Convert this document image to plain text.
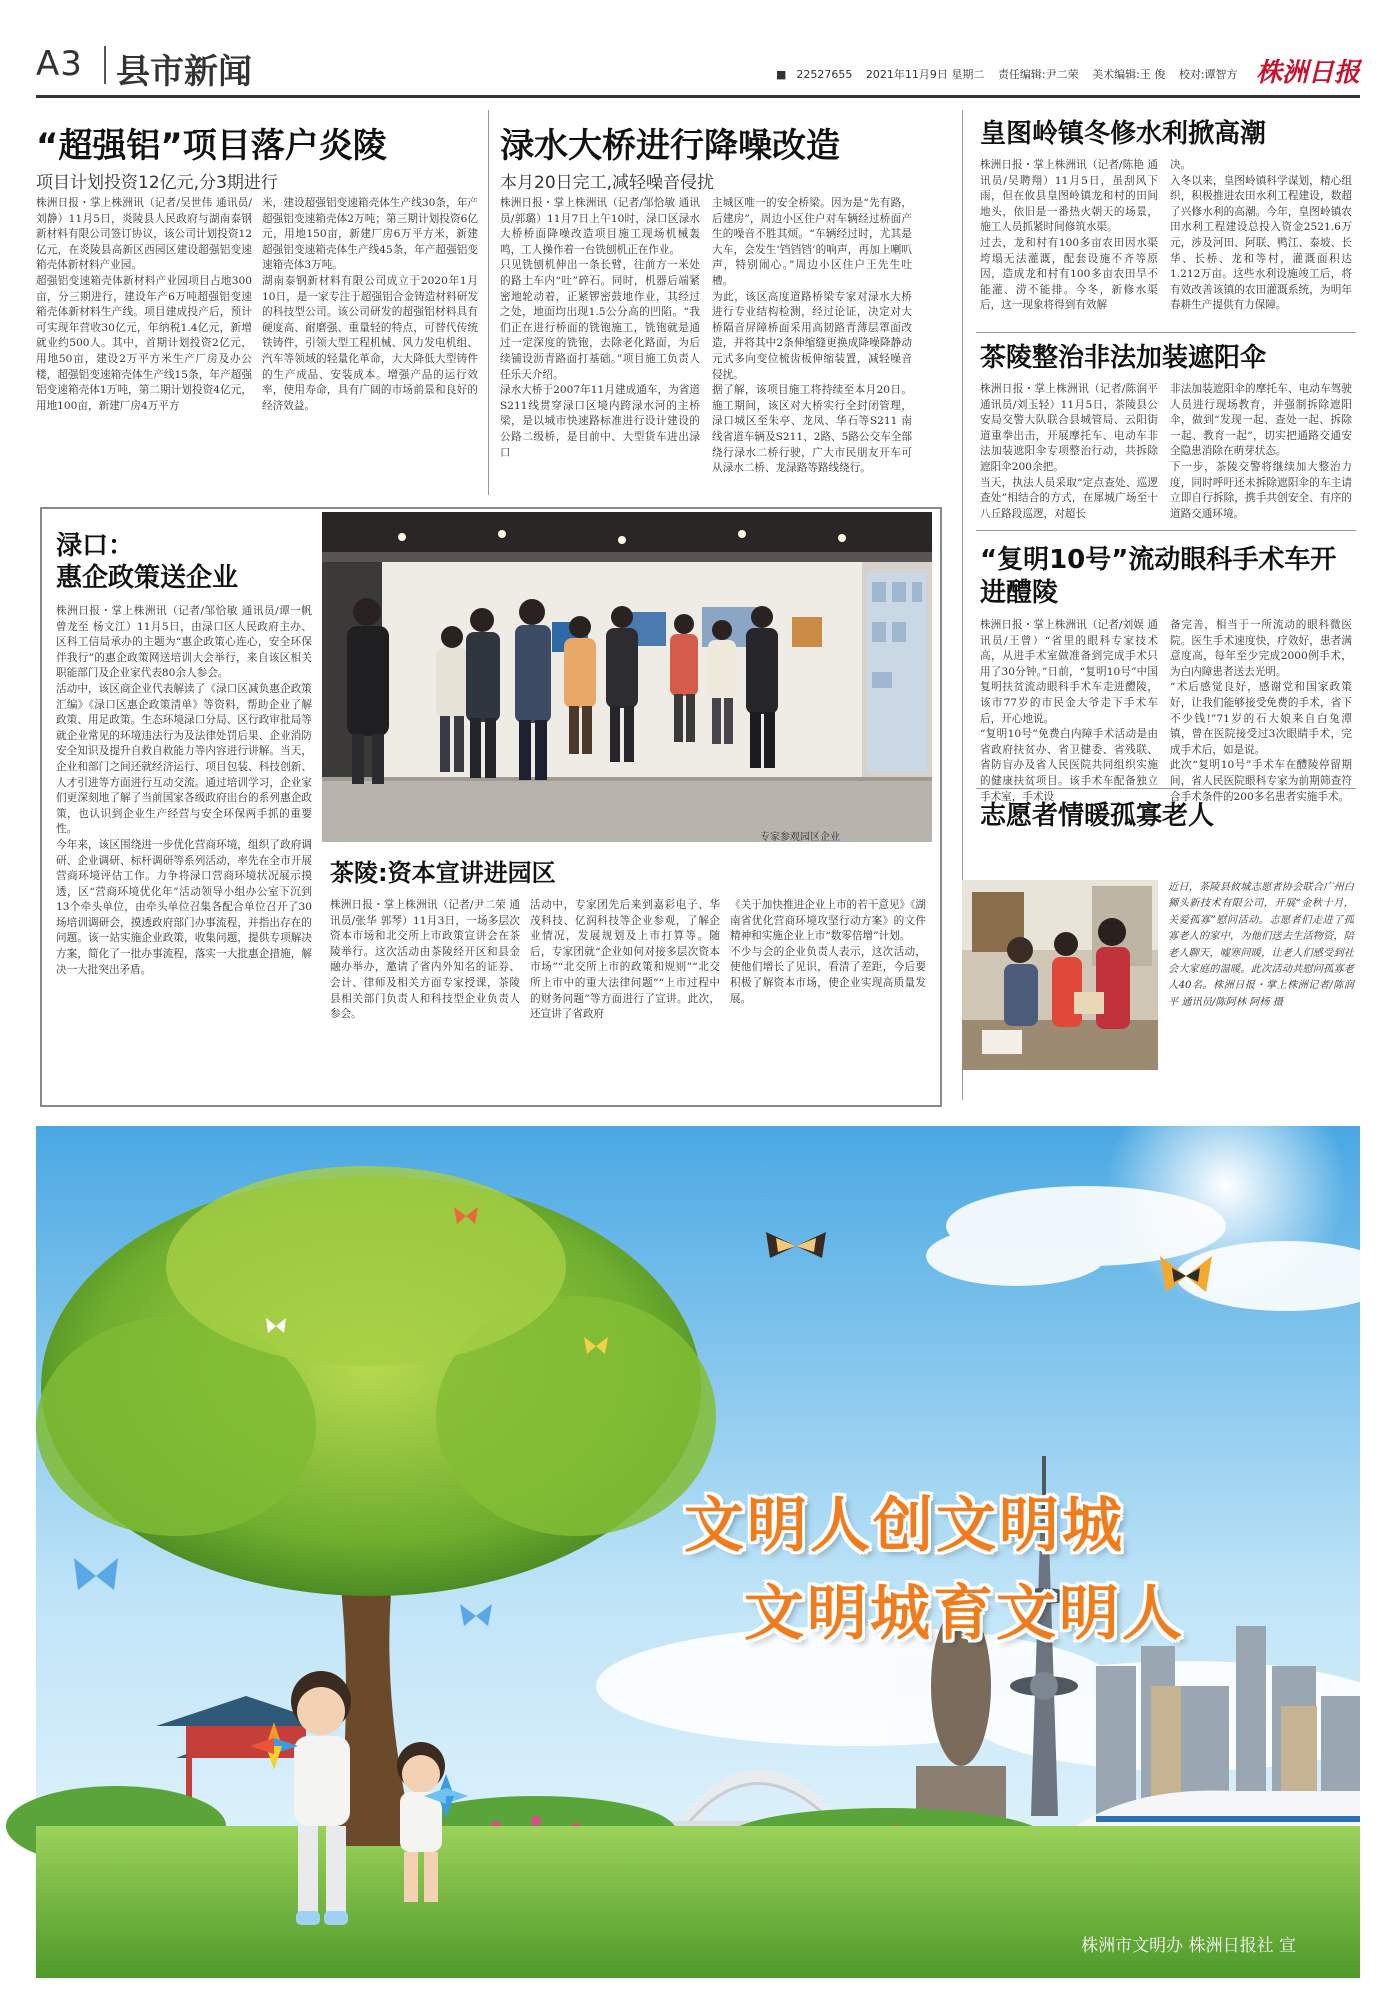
A3 县市新闻	■ 22527655 2021年11月9日 星期二 责任编辑:尹二荣 美术编辑:王 俊 校对:谭智方 株洲日报
“超强铝”项目落户炎陵
项目计划投资12亿元,分3期进行
株洲日报・掌上株洲讯（记者/吴世伟 通讯员/刘静）11月5日，炎陵县人民政府与湖南泰钢新材料有限公司签订协议，该公司计划投资12亿元，在炎陵县高新区西园区建设超强铝变速箱壳体新材料产业园。
超强铝变速箱壳体新材料产业园项目占地300亩，分三期进行，建设年产6万吨超强铝变速箱壳体新材料生产线。项目建成投产后，预计可实现年营收30亿元，年纳税1.4亿元，新增就业约500人。其中，首期计划投资2亿元，用地50亩，建设2万平方米生产厂房及办公楼，超强铝变速箱壳体生产线15条，年产超强铝变速箱壳体1万吨，第二期计划投资4亿元，用地100亩，新建厂房4万平方
米，建设超强铝变速箱壳体生产线30条，年产超强铝变速箱壳体2万吨；第三期计划投资6亿元，用地150亩，新建厂房6万平方米，新建超强铝变速箱壳体生产线45条，年产超强铝变速箱壳体3万吨。
湖南泰钢新材料有限公司成立于2020年1月10日，是一家专注于超强铝合金铸造材料研发的科技型公司。该公司研发的超强铝材料具有硬度高、耐磨强、重量轻的特点，可替代传统铁铸件，引领大型工程机械、风力发电机组、汽车等领域的轻量化革命，大大降低大型铸件的生产成品、安装成本。增强产品的运行效率，使用寿命，具有广阔的市场前景和良好的经济效益。
渌水大桥进行降噪改造
本月20日完工,减轻噪音侵扰
株洲日报・掌上株洲讯（记者/邹恰敏 通讯员/郭璐）11月7日上午10时，渌口区渌水大桥桥面降噪改造项目施工现场机械轰鸣，工人操作着一台铣刨机正在作业。
只见铣刨机伸出一条长臂，往前方一米处的路土车内“吐”碎石。同时，机器后端紧密地轮动着，正紧锣密鼓地作业，其经过之处，地面均出现1.5公分高的凹陷。“我们正在进行桥面的铣铇施工，铣铇就是通过一定深度的铣铇，去除老化路面，为后续铺设沥青路面打基础。”项目施工负责人任乐天介绍。
渌水大桥于2007年11月建成通车，为省道S211线贯穿渌口区境内跨渌水河的主桥梁，是以城市快速路标准进行设计建设的公路二级桥，是目前中、大型货车进出渌口
主城区唯一的安全桥梁。因为是“先有路，后建房”，周边小区住户对车辆经过桥面产生的噪音不胜其烦。“车辆经过时，尤其是大车，会发生‘铛铛铛’的响声，再加上喇叭声，特别闹心。”周边小区住户王先生吐槽。
为此，该区高度道路桥梁专家对渌水大桥进行专业结构检测，经过论证，决定对大桥隔音屏障桥面采用高韧路青薄层罩面改造，并将其中2条伸缩缝更换成降噪降静动元式多向变位梳齿板伸缩装置，减轻噪音侵扰。
据了解，该项目施工将持续至本月20日。施工期间，该区对大桥实行全封闭管理，渌口城区至朱亭、龙凤、华石等S211 南线省道车辆及S211、2路、5路公交车全部绕行渌水二桥行驶，广大市民朋友开车可从渌水二桥、龙渌路等路线绕行。
皇图岭镇冬修水利掀高潮
株洲日报・掌上株洲讯（记者/陈艳 通讯员/吴聘翔）11月5日，虽刮风下雨，但在攸县皇图岭镇龙和村的田间地头，依旧是一番热火朝天的场景，施工人员抓紧时间修筑水渠。
过去，龙和村有100多亩农田因水渠垮塌无法灌溉，配套设施不齐等原因，造成龙和村有100多亩农田旱不能灌、涝不能排。今冬，新修水渠后，这一现象将得到有效解
决。
入冬以来，皇图岭镇科学谋划，精心组织，积极推进农田水利工程建设，数超了兴修水利的高潮。今年，皇图岭镇农田水利工程建设总投入资金2521.6万元，涉及河田、阿联、鸭江、泰坡、长华、长桥、龙和等村，灌溉面积达1.212万亩。这些水利设施竣工后，将有效改善该镇的农田灌溉系统，为明年春耕生产提供有力保障。
茶陵整治非法加装遮阳伞
株洲日报・掌上株洲讯（记者/陈润平 通讯员/刘玉轻）11月5日，茶陵县公安局交警大队联合县城管局、云阳街道重拳出击，开展摩托车、电动车非法加装遮阳伞专项整治行动，共拆除遮阳伞200余把。
当天，执法人员采取“定点查处、巡逻查处”相结合的方式，在犀城广场至十八丘路段巡逻，对超长
非法加装遮阳伞的摩托车、电动车驾驶人员进行现场教育，并强制拆除遮阳伞，做到“发现一起、查处一起、拆除一起、教育一起”，切实把通路交通安全隐患消除在萌芽状态。
下一步，茶陵交警将继续加大整治力度，同时呼吁还未拆除遮阳伞的车主请立即自行拆除，携手共创安全、有序的道路交通环境。
“复明10号”流动眼科手术车开进醴陵
株洲日报・掌上株洲讯（记者/刘娱 通讯员/王曾）“省里的眼科专家技术高，从进手术室做准备到完成手术只用了30分钟。”日前，“复明10号”中国复明扶贫流动眼科手术车走进醴陵，该市77岁的市民金大爷走下手术车后，开心地说。
“复明10号”免费白内障手术活动是由省政府扶贫办、省卫健委、省残联、省防盲办及省人民医院共同组织实施的健康扶贫项目。该手术车配备独立手术室，手术设
备完善，相当于一所流动的眼科微医院。医生手术速度快，疗效好，患者满意度高，每年至少完成2000例手术，为白内障患者送去光明。
“术后感觉良好，感谢党和国家政策好，让我们能够接受免费的手术，省下不少钱!”71岁的石大娘来自白兔潭镇，曾在医院接受过3次眼睛手术，完成手术后，如是说。
此次“复明10号”手术车在醴陵停留期间，省人民医院眼科专家为前期筛查符合手术条件的200多名患者实施手术。
志愿者情暖孤寡老人
近日，茶陵县攸城志愿者协会联合广州白狮头新技术有限公司，开展“金秋十月，关爱孤寡”慰问活动。志愿者们走进了孤寡老人的家中，为他们送去生活物资，陪老人聊天，嘘寒问暖，让老人们感受到社会大家庭的温暖。此次活动共慰问孤寡老人40名。株洲日报・掌上株洲记者/陈润平 通讯员/陈阿林 阿杨 摄
渌口：
惠企政策送企业
株洲日报・掌上株洲讯（记者/邹恰敏 通讯员/谭一帆 曾龙至 杨文江）11月5日，由渌口区人民政府主办、区科工信局承办的主题为“惠企政策心连心，安全环保伴我行”的惠企政策网送培训大会举行，来自该区相关职能部门及企业家代表80余人参会。
活动中，该区商企业代表解读了《渌口区减负惠企政策汇编》《渌口区惠企政策清单》等资料，帮助企业了解政策、用足政策。生态环境渌口分局、区行政审批局等就企业常见的环境违法行为及法律处罚后果、企业消防安全知识及提升自救自救能力等内容进行讲解。当天，企业和部门之间还就经济运行、项目包装、科技创新、人才引进等方面进行互动交流。通过培训学习，企业家们更深刻地了解了当前国家各级政府出台的系列惠企政策，也认识到企业生产经营与安全环保两手抓的重要性。
今年来，该区围绕进一步优化营商环境，组织了政府调研、企业调研、标杆调研等系列活动，率先在全市开展营商环境评估工作。力争将渌口营商环境状况展示摸透，区“营商环境优化年”活动领导小组办公室下沉到13个牵头单位，由牵头单位召集各配合单位召开了30场培训调研会，摸透政府部门办事流程，并指出存在的问题。该一站实施企业政策，收集问题，提供专项解决方案，简化了一批办事流程，落实一大批惠企措施，解决一大批突出矛盾。
专家参观园区企业
茶陵:资本宣讲进园区
株洲日报・掌上株洲讯（记者/尹二荣 通讯员/张华 郭琴）11月3日，一场多层次资本市场和北交所上市政策宣讲会在茶陵举行。这次活动由茶陵经开区和县金融办举办，邀请了省内外知名的证券、会计、律师及相关方面专家授课，茶陵县相关部门负责人和科技型企业负责人参会。
活动中，专家团先后来到嘉彩电子、华茂科技、亿润科技等企业参观，了解企业情况，发展规划及上市打算等。随后，专家团就“企业如何对接多层次资本市场”“北交所上市的政策和规则”“北交所上市中的重大法律问题”“上市过程中的财务问题”等方面进行了宣讲。此次，还宣讲了省政府
《关于加快推进企业上市的若干意见》《湖南省优化营商环境攻坚行动方案》的文件精神和实施企业上市“数零倍增”计划。
不少与会的企业负责人表示，这次活动，使他们增长了见识，看清了差距，今后要积极了解资本市场，使企业实现高质量发展。
文明人创文明城
文明城育文明人
株洲市文明办 株洲日报社 宣
